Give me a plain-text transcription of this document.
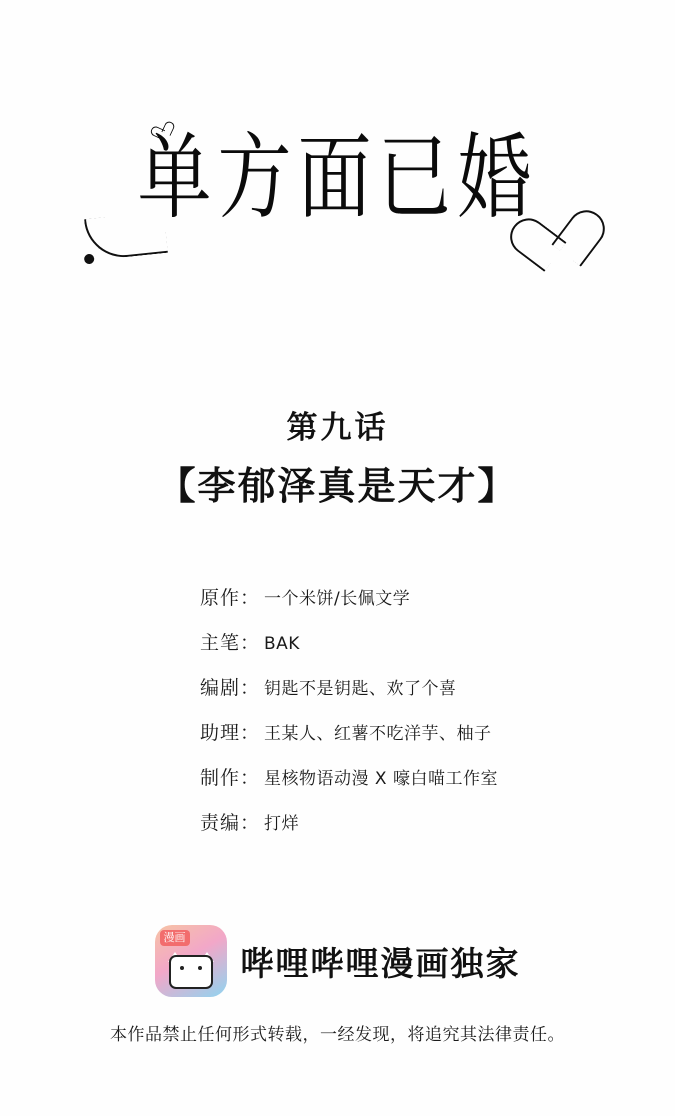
单方面已婚
第九话
【李郁泽真是天才】
原作： 一个米饼/长佩文学
主笔： BAK
编剧： 钥匙不是钥匙、欢了个喜
助理： 王某人、红薯不吃洋芋、柚子
制作： 星核物语动漫 X 嚎白喵工作室
责编： 打烊
漫画
哔哩哔哩漫画独家
本作品禁止任何形式转载，一经发现，将追究其法律责任。
